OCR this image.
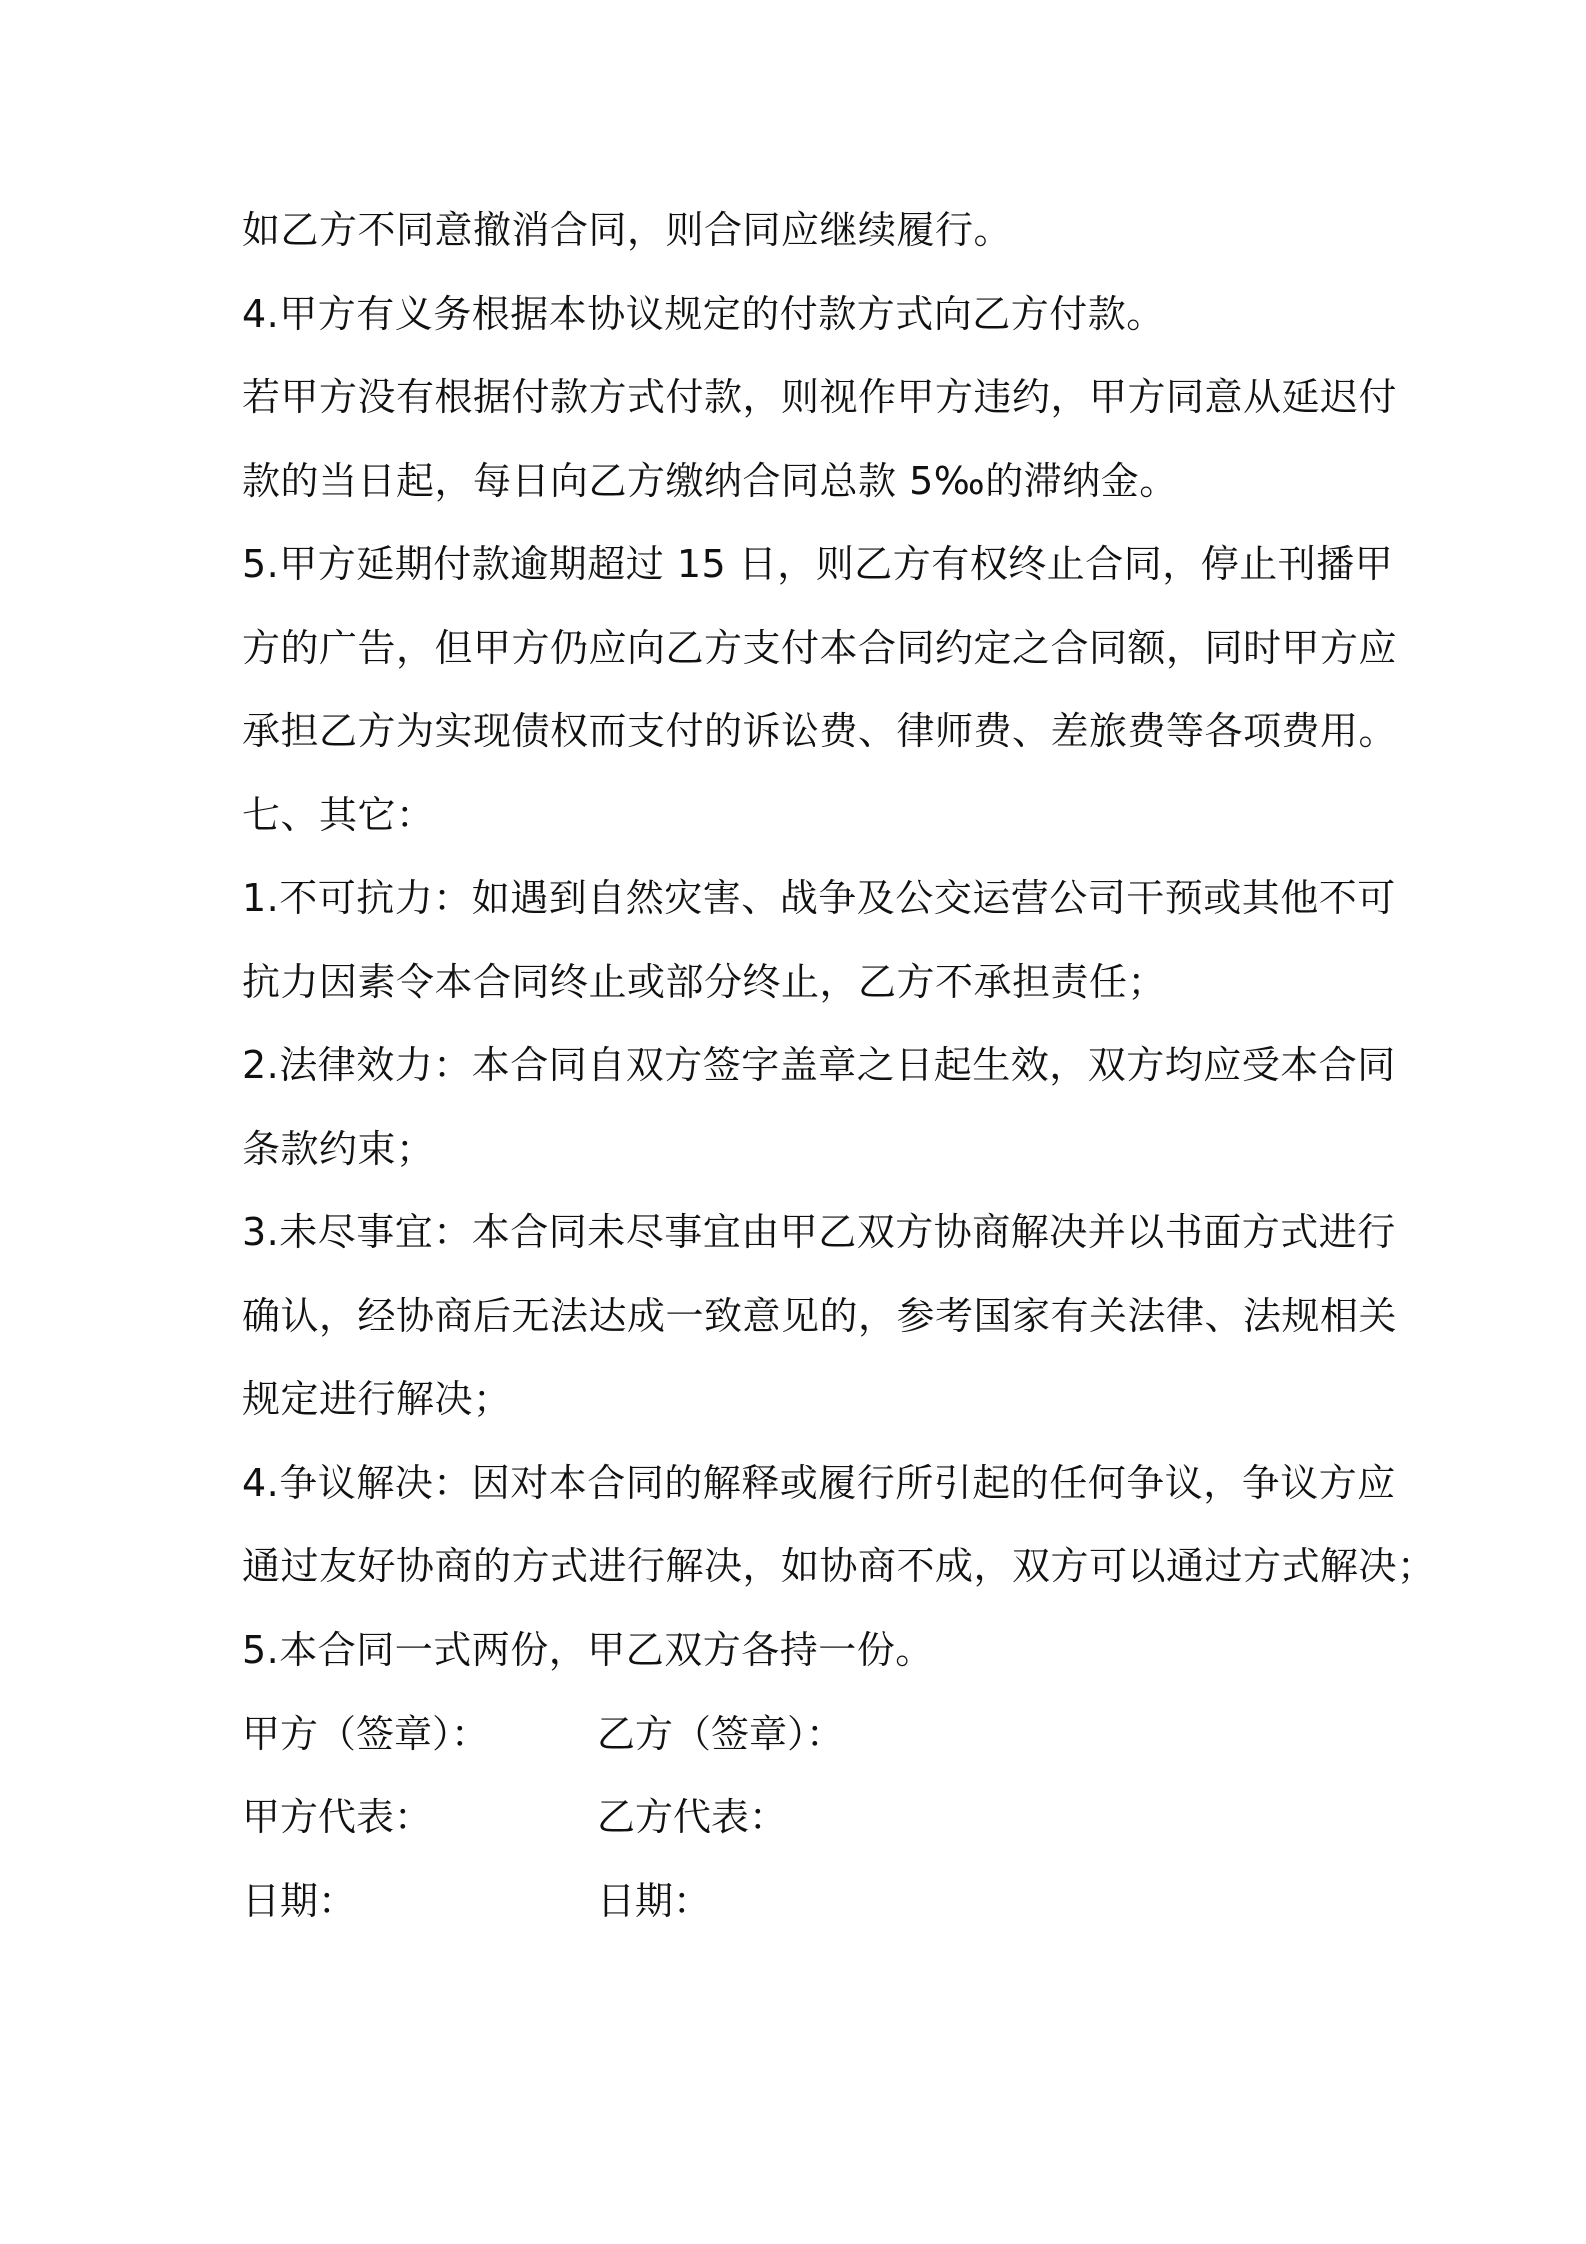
如乙方不同意撤消合同，则合同应继续履行。
4.甲方有义务根据本协议规定的付款方式向乙方付款。
若甲方没有根据付款方式付款，则视作甲方违约，甲方同意从延迟付
款的当日起，每日向乙方缴纳合同总款 5‰的滞纳金。
5.甲方延期付款逾期超过 15 日，则乙方有权终止合同，停止刊播甲
方的广告，但甲方仍应向乙方支付本合同约定之合同额，同时甲方应
承担乙方为实现债权而支付的诉讼费、律师费、差旅费等各项费用。
七、其它：
1.不可抗力：如遇到自然灾害、战争及公交运营公司干预或其他不可
抗力因素令本合同终止或部分终止，乙方不承担责任；
2.法律效力：本合同自双方签字盖章之日起生效，双方均应受本合同
条款约束；
3.未尽事宜：本合同未尽事宜由甲乙双方协商解决并以书面方式进行
确认，经协商后无法达成一致意见的，参考国家有关法律、法规相关
规定进行解决；
4.争议解决：因对本合同的解释或履行所引起的任何争议，争议方应
通过友好协商的方式进行解决，如协商不成，双方可以通过方式解决；
5.本合同一式两份，甲乙双方各持一份。
甲方（签章）：	乙方（签章）：
甲方代表：	乙方代表：
日期：	日期：
